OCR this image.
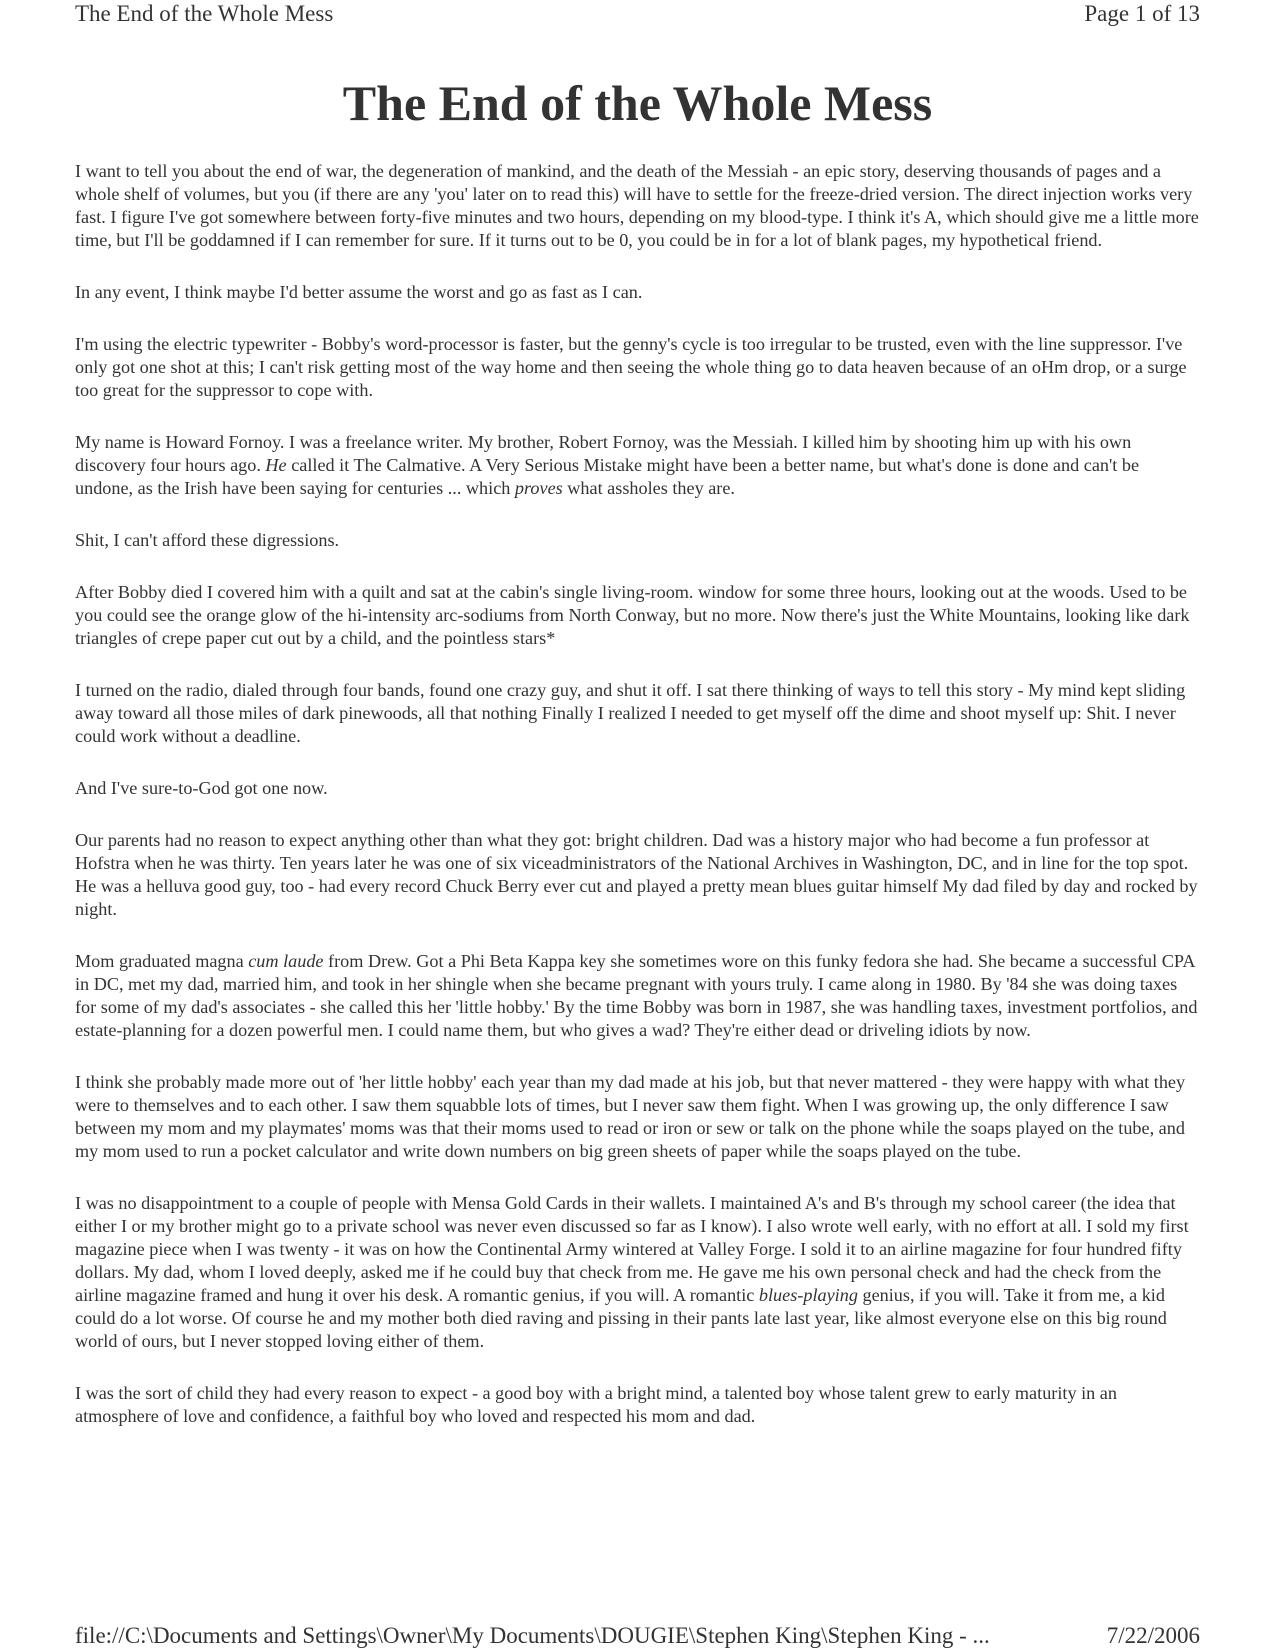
The End of the Whole Mess	Page 1 of 13
The End of the Whole Mess

I want to tell you about the end of war, the degeneration of mankind, and the death of the Messiah - an epic story, deserving thousands of pages and a whole shelf of volumes, but you (if there are any 'you' later on to read this) will have to settle for the freeze-dried version. The direct injection works very fast. I figure I've got somewhere between forty-five minutes and two hours, depending on my blood-type. I think it's A, which should give me a little more time, but I'll be goddamned if I can remember for sure. If it turns out to be 0, you could be in for a lot of blank pages, my hypothetical friend.

In any event, I think maybe I'd better assume the worst and go as fast as I can.

I'm using the electric typewriter - Bobby's word-processor is faster, but the genny's cycle is too irregular to be trusted, even with the line suppressor. I've only got one shot at this; I can't risk getting most of the way home and then seeing the whole thing go to data heaven because of an oHm drop, or a surge too great for the suppressor to cope with.

My name is Howard Fornoy. I was a freelance writer. My brother, Robert Fornoy, was the Messiah. I killed him by shooting him up with his own discovery four hours ago. He called it The Calmative. A Very Serious Mistake might have been a better name, but what's done is done and can't be undone, as the Irish have been saying for centuries ... which proves what assholes they are.

Shit, I can't afford these digressions.

After Bobby died I covered him with a quilt and sat at the cabin's single living-room. window for some three hours, looking out at the woods. Used to be you could see the orange glow of the hi-intensity arc-sodiums from North Conway, but no more. Now there's just the White Mountains, looking like dark triangles of crepe paper cut out by a child, and the pointless stars*

I turned on the radio, dialed through four bands, found one crazy guy, and shut it off. I sat there thinking of ways to tell this story - My mind kept sliding away toward all those miles of dark pinewoods, all that nothing Finally I realized I needed to get myself off the dime and shoot myself up: Shit. I never could work without a deadline.

And I've sure-to-God got one now.

Our parents had no reason to expect anything other than what they got: bright children. Dad was a history major who had become a fun professor at Hofstra when he was thirty. Ten years later he was one of six viceadministrators of the National Archives in Washington, DC, and in line for the top spot. He was a helluva good guy, too - had every record Chuck Berry ever cut and played a pretty mean blues guitar himself My dad filed by day and rocked by night.

Mom graduated magna cum laude from Drew. Got a Phi Beta Kappa key she sometimes wore on this funky fedora she had. She became a successful CPA in DC, met my dad, married him, and took in her shingle when she became pregnant with yours truly. I came along in 1980. By '84 she was doing taxes for some of my dad's associates - she called this her 'little hobby.' By the time Bobby was born in 1987, she was handling taxes, investment portfolios, and estate-planning for a dozen powerful men. I could name them, but who gives a wad? They're either dead or driveling idiots by now.

I think she probably made more out of 'her little hobby' each year than my dad made at his job, but that never mattered - they were happy with what they were to themselves and to each other. I saw them squabble lots of times, but I never saw them fight. When I was growing up, the only difference I saw between my mom and my playmates' moms was that their moms used to read or iron or sew or talk on the phone while the soaps played on the tube, and my mom used to run a pocket calculator and write down numbers on big green sheets of paper while the soaps played on the tube.

I was no disappointment to a couple of people with Mensa Gold Cards in their wallets. I maintained A's and B's through my school career (the idea that either I or my brother might go to a private school was never even discussed so far as I know). I also wrote well early, with no effort at all. I sold my first magazine piece when I was twenty - it was on how the Continental Army wintered at Valley Forge. I sold it to an airline magazine for four hundred fifty dollars. My dad, whom I loved deeply, asked me if he could buy that check from me. He gave me his own personal check and had the check from the airline magazine framed and hung it over his desk. A romantic genius, if you will. A romantic blues-playing genius, if you will. Take it from me, a kid could do a lot worse. Of course he and my mother both died raving and pissing in their pants late last year, like almost everyone else on this big round world of ours, but I never stopped loving either of them.

I was the sort of child they had every reason to expect - a good boy with a bright mind, a talented boy whose talent grew to early maturity in an atmosphere of love and confidence, a faithful boy who loved and respected his mom and dad.

file://C:\Documents and Settings\Owner\My Documents\DOUGIE\Stephen King\Stephen King - ...	7/22/2006
